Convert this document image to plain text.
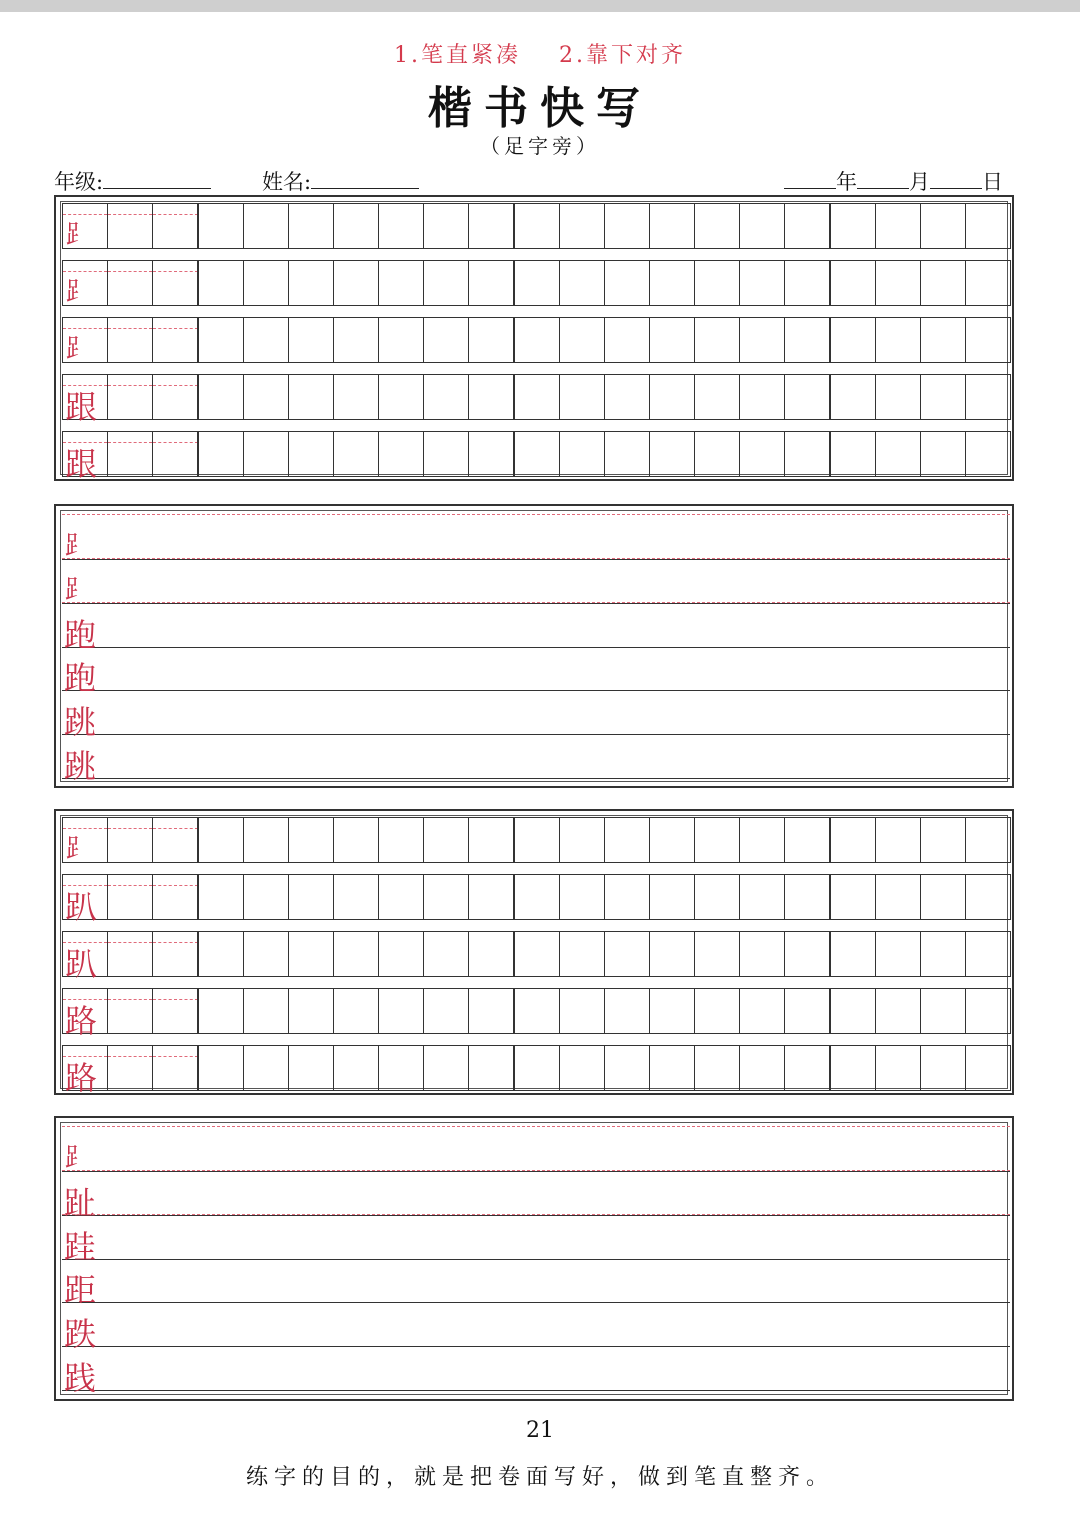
1.笔直紧凑 2.靠下对齐
楷书快写
（足字旁）
年级:	姓名:	年 月 日
⻊
⻊
⻊
跟
跟
⻊
⻊
跑
跑
跳
跳
⻊
趴
趴
路
路
⻊
趾
跬
距
跌
践
21
练字的目的，就是把卷面写好，做到笔直整齐。
